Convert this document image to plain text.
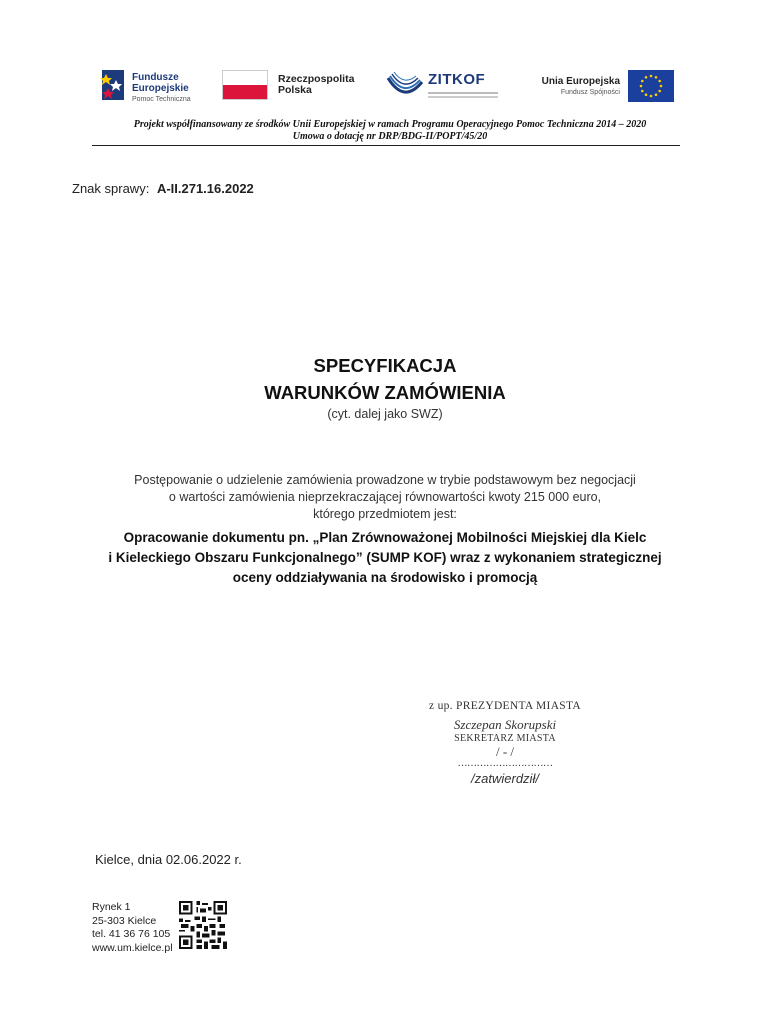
Fundusze
Europejskie
Pomoc Techniczna
Rzeczpospolita
Polska
ZITKOF	Unia Europejska
Fundusz Spójności
Projekt współfinansowany ze środków Unii Europejskiej w ramach Programu Operacyjnego Pomoc Techniczna 2014 – 2020
Umowa o dotację nr DRP/BDG-II/POPT/45/20
Znak sprawy: A-II.271.16.2022
SPECYFIKACJA
WARUNKÓW ZAMÓWIENIA
(cyt. dalej jako SWZ)
Postępowanie o udzielenie zamówienia prowadzone w trybie podstawowym bez negocjacji
o wartości zamówienia nieprzekraczającej równowartości kwoty 215 000 euro,
którego przedmiotem jest:
Opracowanie dokumentu pn. „Plan Zrównoważonej Mobilności Miejskiej dla Kielc
i Kieleckiego Obszaru Funkcjonalnego” (SUMP KOF) wraz z wykonaniem strategicznej
oceny oddziaływania na środowisko i promocją
z up. PREZYDENTA MIASTA
Szczepan Skorupski
SEKRETARZ MIASTA
/ - /
…………………………
/zatwierdził/
Kielce, dnia 02.06.2022 r.
Rynek 1
25-303 Kielce
tel. 41 36 76 105
www.um.kielce.pl
